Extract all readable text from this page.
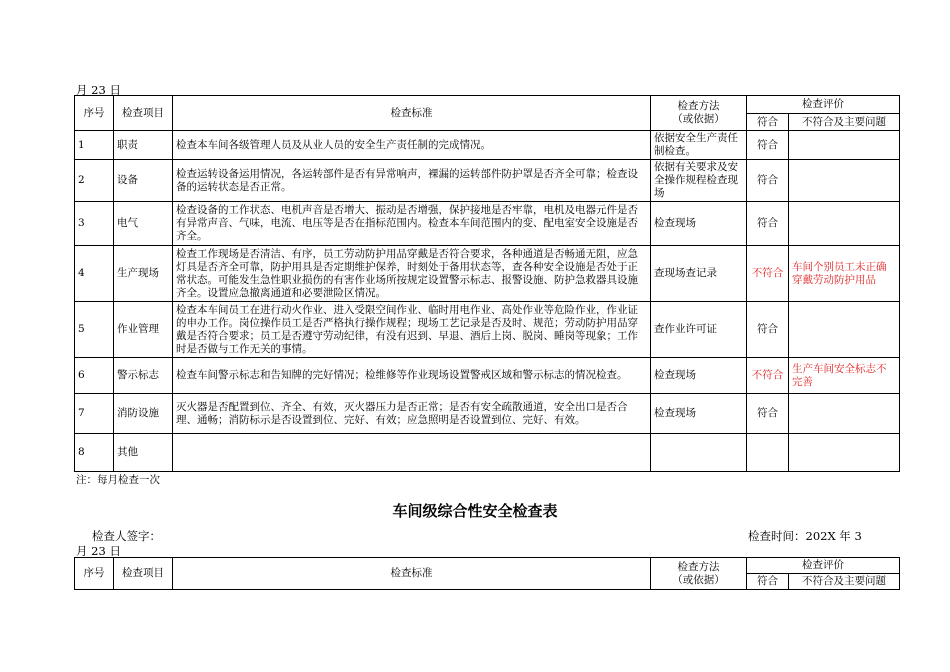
月 23 日
序号	检查项目	检查标准	检查方法
（或依据）	检查评价	
				符合	不符合及主要问题
1	职责	检查本车间各级管理人员及从业人员的安全生产责任制的完成情况。	依据安全生产责任制检查。	符合	
2	设备	检查运转设备运用情况，各运转部件是否有异常响声，裸漏的运转部件防护罩是否齐全可靠；检查设备的运转状态是否正常。	依据有关要求及安全操作规程检查现场	符合	
3	电气	检查设备的工作状态、电机声音是否增大、振动是否增强，保护接地是否牢靠，电机及电器元件是否有异常声音、气味，电流、电压等是否在指标范围内。检查本车间范围内的变、配电室安全设施是否齐全。	检查现场	符合	
4	生产现场	检查工作现场是否清洁、有序，员工劳动防护用品穿戴是否符合要求，各种通道是否畅通无阻，应急灯具是否齐全可靠，防护用具是否定期维护保养，时刻处于备用状态等，查各种安全设施是否处于正常状态。可能发生急性职业损伤的有害作业场所按规定设置警示标志、报警设施、防护急救器具设施齐全。设置应急撤离通道和必要泄险区情况。	查现场查记录	不符合	车间个别员工未正确穿戴劳动防护用品
5	作业管理	检查本车间员工在进行动火作业、进入受限空间作业、临时用电作业、高处作业等危险作业，作业证的申办工作。岗位操作员工是否严格执行操作规程；现场工艺记录是否及时、规范；劳动防护用品穿戴是否符合要求；员工是否遵守劳动纪律，有没有迟到、早退、酒后上岗、脱岗、睡岗等现象；工作时是否做与工作无关的事情。	查作业许可证	符合	
6	警示标志	检查车间警示标志和告知牌的完好情况；检维修等作业现场设置警戒区域和警示标志的情况检查。	检查现场	不符合	生产车间安全标志不完善
7	消防设施	灭火器是否配置到位、齐全、有效，灭火器压力是否正常；是否有安全疏散通道，安全出口是否合理、通畅；消防标示是否设置到位、完好、有效；应急照明是否设置到位、完好、有效。	检查现场	符合	
8	其他				
注：每月检查一次
车间级综合性安全检查表
检查人签字：	检查时间：202X 年 3
月 23 日
序号	检查项目	检查标准	检查方法
（或依据）	检查评价	
				符合	不符合及主要问题
